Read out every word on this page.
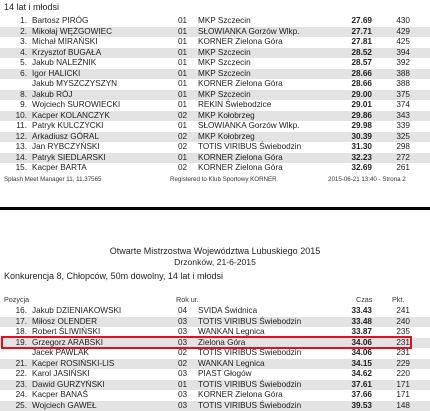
14 lat i młodsi
1. Bartosz PIRÓG	01 MKP Szczecin	27.69	430
2. Mikołaj WĘŻGOWIEC	01 SŁOWIANKA Gorzów Wlkp.	27.71	429
3. Michał MIRAŃSKI	01 KORNER Zielona Góra	27.81	425
4. Krzysztof BUGAŁA	01 MKP Szczecin	28.52	394
5. Jakub NALEŹNIK	01 MKP Szczecin	28.57	392
6. Igor HALICKI	01 MKP Szczecin	28.66	388
Jakub MYSZCZYSZYN	01 KORNER Zielona Góra	28.66	388
8. Jakub RÓJ	01 MKP Szczecin	29.00	375
9. Wojciech SUROWIECKI	01 REKIN Świebodzice	29.01	374
10. Kacper KOLANCZYK	02 MKP Kołobrzeg	29.86	343
11. Patryk KULCZYCKI	01 SŁOWIANKA Gorzów Wlkp.	29.98	339
12. Arkadiusz GÓRAL	02 MKP Kołobrzeg	30.39	325
13. Jan RYBCZYŃSKI	02 TOTIS VIRIBUS Świebodzin	31.30	298
14. Patryk SIEDLARSKI	01 KORNER Zielona Góra	32.23	272
15. Kacper BARTA	02 KORNER Zielona Góra	32.69	261
Splash Meet Manager 11, 11.37565	Registered to Klub Sportowy KORNER	2015-06-21 13:40 - Strona 2
Otwarte Mistrzostwa Województwa Lubuskiego 2015
Drzonków, 21-6-2015
Konkurencja 8, Chłopców, 50m dowolny, 14 lat i młodsi
Pozycja	Rok ur.	Czas	Pkt.
16. Jakub DZIENIAKOWSKI	04 SVIDA Świdnica	33.43	241
17. Miłosz OLENDER	03 TOTIS VIRIBUS Świebodzin	33.48	240
18. Robert ŚLIWIŃSKI	03 WANKAN Legnica	33.87	235
19. Grzegorz ARABSKI	03 Zielona Góra	34.06	231
Jacek PAWLAK	02 TOTIS VIRIBUS Świebodzin	34.06	231
21. Kacper ROSIŃSKI-LIS	02 WANKAN Legnica	34.15	229
22. Karol JASIŃSKI	03 PIAST Głogów	34.62	220
23. Dawid GURZYŃSKI	01 TOTIS VIRIBUS Świebodzin	37.61	171
24. Kacper BANAŚ	03 KORNER Zielona Góra	37.66	171
25. Wojciech GAWEŁ	03 TOTIS VIRIBUS Świebodzin	39.53	148
